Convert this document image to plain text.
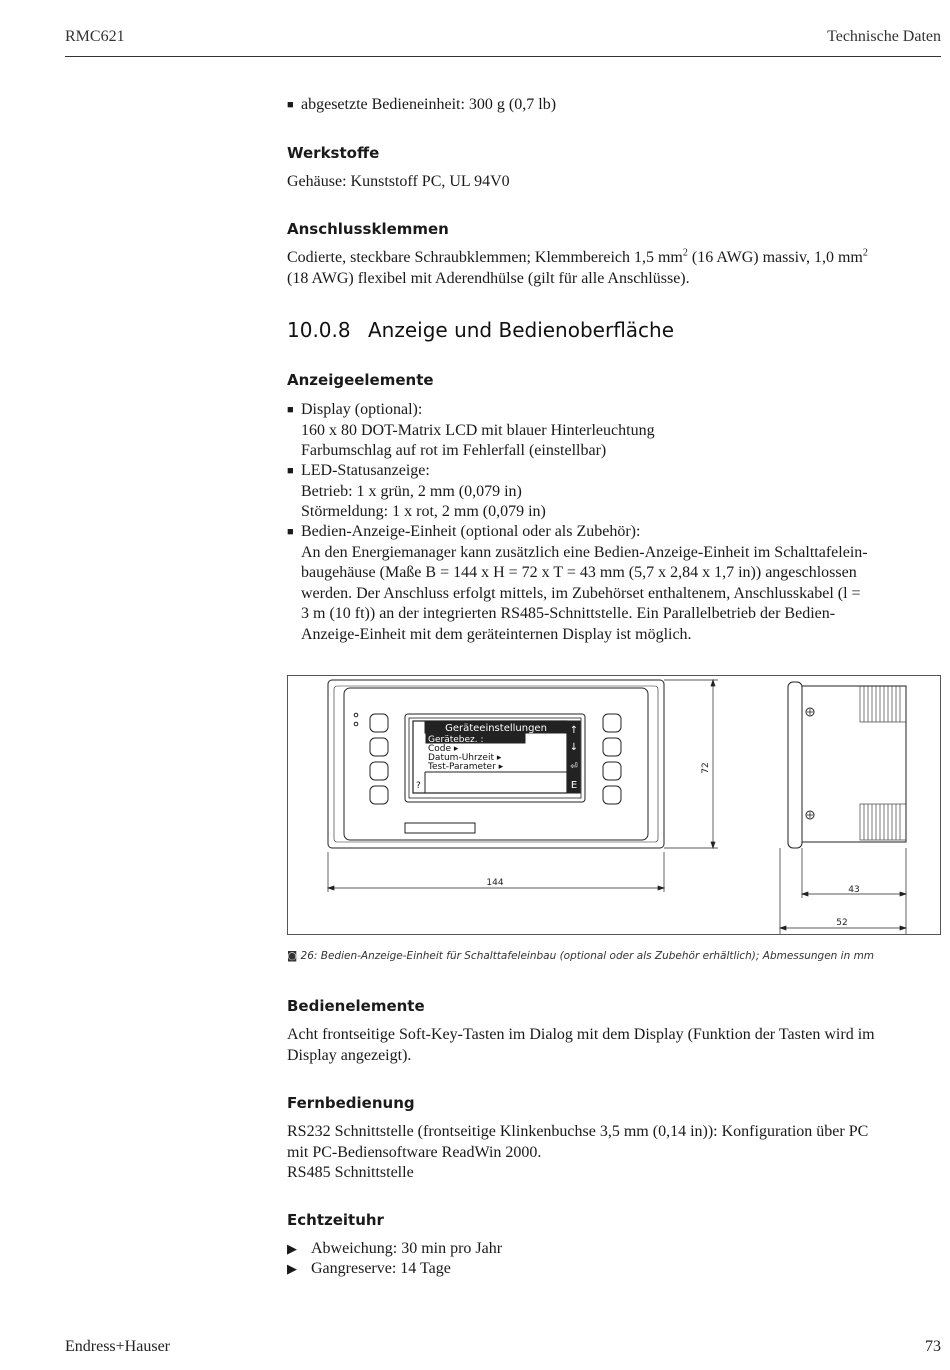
RMC621	Technische Daten
■ abgesetzte Bedieneinheit: 300 g (0,7 lb)
Werkstoffe
Gehäuse: Kunststoff PC, UL 94V0
Anschlussklemmen
Codierte, steckbare Schraubklemmen; Klemmbereich 1,5 $mm^2$ (16 AWG) massiv, 1,0 $mm^2$
(18 AWG) flexibel mit Aderendhülse (gilt für alle Anschlüsse).
10.0.8 Anzeige und Bedienoberfläche
Anzeigeelemente
■ Display (optional):
160 x 80 DOT-Matrix LCD mit blauer Hinterleuchtung
Farbumschlag auf rot im Fehlerfall (einstellbar)
■ LED-Statusanzeige:
Betrieb: 1 x grün, 2 mm (0,079 in)
Störmeldung: 1 x rot, 2 mm (0,079 in)
■ Bedien-Anzeige-Einheit (optional oder als Zubehör):
An den Energiemanager kann zusätzlich eine Bedien-Anzeige-Einheit im Schalttafelein-
baugehäuse (Maße B = 144 x H = 72 x T = 43 mm (5,7 x 2,84 x 1,7 in)) angeschlossen
werden. Der Anschluss erfolgt mittels, im Zubehörset enthaltenem, Anschlusskabel (l =
3 m (10 ft)) an der integrierten RS485-Schnittstelle. Ein Parallelbetrieb der Bedien-
Anzeige-Einheit mit dem geräteinternen Display ist möglich.
Geräteeinstellungen
Gerätebez. :
Code ▸
Datum-Uhrzeit ▸
Test-Parameter ▸
?
↑
↓
⏎
E
144
72
43
52
◙ 26: Bedien-Anzeige-Einheit für Schalttafeleinbau (optional oder als Zubehör erhältlich); Abmessungen in mm
Bedienelemente
Acht frontseitige Soft-Key-Tasten im Dialog mit dem Display (Funktion der Tasten wird im
Display angezeigt).
Fernbedienung
RS232 Schnittstelle (frontseitige Klinkenbuchse 3,5 mm (0,14 in)): Konfiguration über PC
mit PC-Bediensoftware ReadWin 2000.
RS485 Schnittstelle
Echtzeituhr
▶ Abweichung: 30 min pro Jahr
▶ Gangreserve: 14 Tage
Endress+Hauser	73
